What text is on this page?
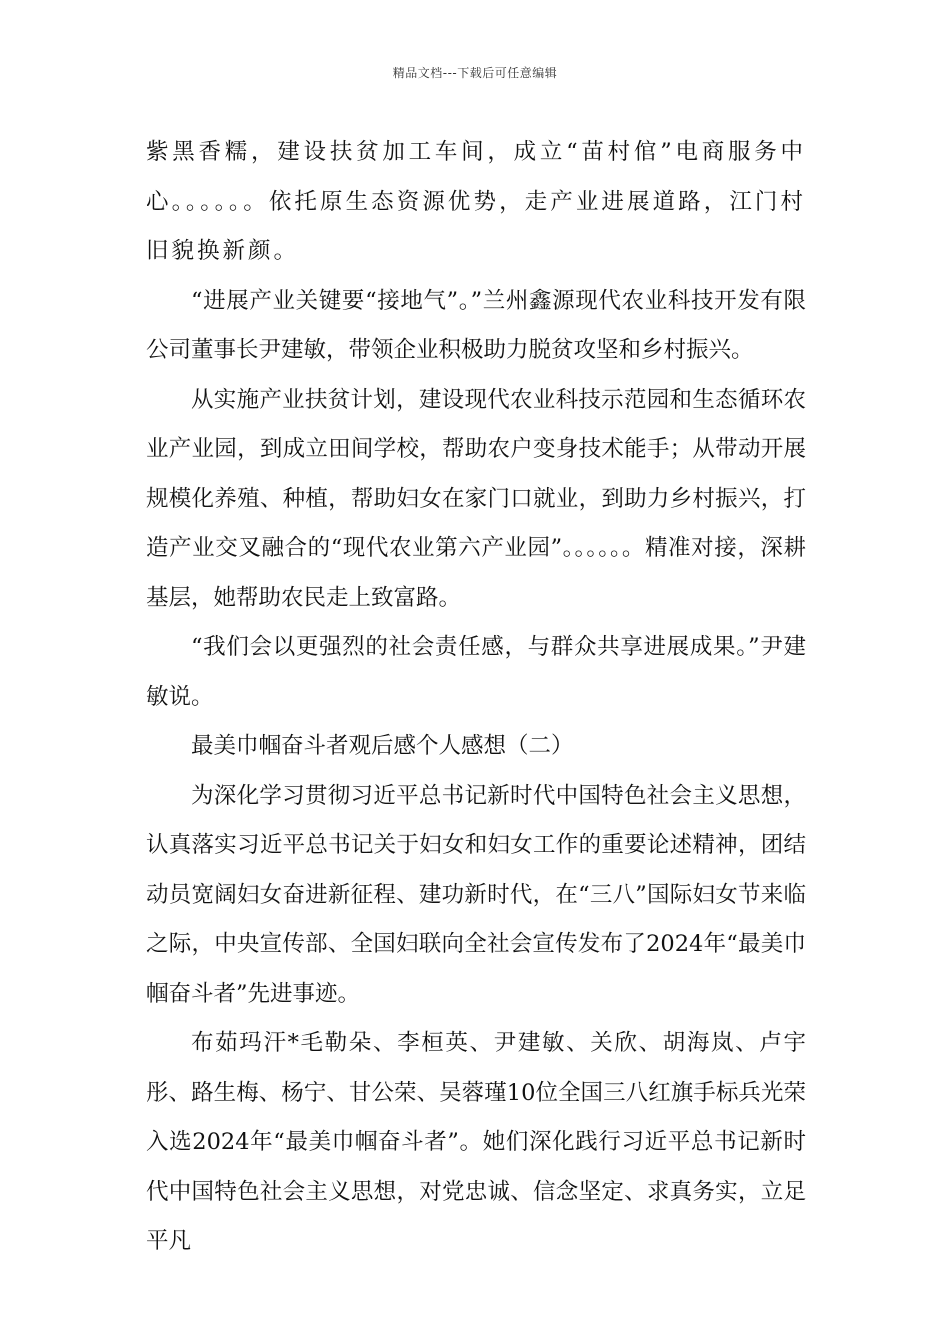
精品文档---下载后可任意编辑

紫黑香糯，建设扶贫加工车间，成立“苗村倌”电商服务中心。。。。。。依托原生态资源优势，走产业进展道路，江门村旧貌换新颜。

“进展产业关键要“接地气”。”兰州鑫源现代农业科技开发有限公司董事长尹建敏，带领企业积极助力脱贫攻坚和乡村振兴。

从实施产业扶贫计划，建设现代农业科技示范园和生态循环农业产业园，到成立田间学校，帮助农户变身技术能手；从带动开展规模化养殖、种植，帮助妇女在家门口就业，到助力乡村振兴，打造产业交叉融合的“现代农业第六产业园”。。。。。。精准对接，深耕基层，她帮助农民走上致富路。

“我们会以更强烈的社会责任感，与群众共享进展成果。”尹建敏说。

最美巾帼奋斗者观后感个人感想（二）

为深化学习贯彻习近平总书记新时代中国特色社会主义思想，认真落实习近平总书记关于妇女和妇女工作的重要论述精神，团结动员宽阔妇女奋进新征程、建功新时代，在“三八”国际妇女节来临之际，中央宣传部、全国妇联向全社会宣传发布了2024年“最美巾帼奋斗者”先进事迹。

布茹玛汗*毛勒朵、李桓英、尹建敏、关欣、胡海岚、卢宇彤、路生梅、杨宁、甘公荣、吴蓉瑾10位全国三八红旗手标兵光荣入选2024年“最美巾帼奋斗者”。她们深化践行习近平总书记新时代中国特色社会主义思想，对党忠诚、信念坚定、求真务实，立足平凡
